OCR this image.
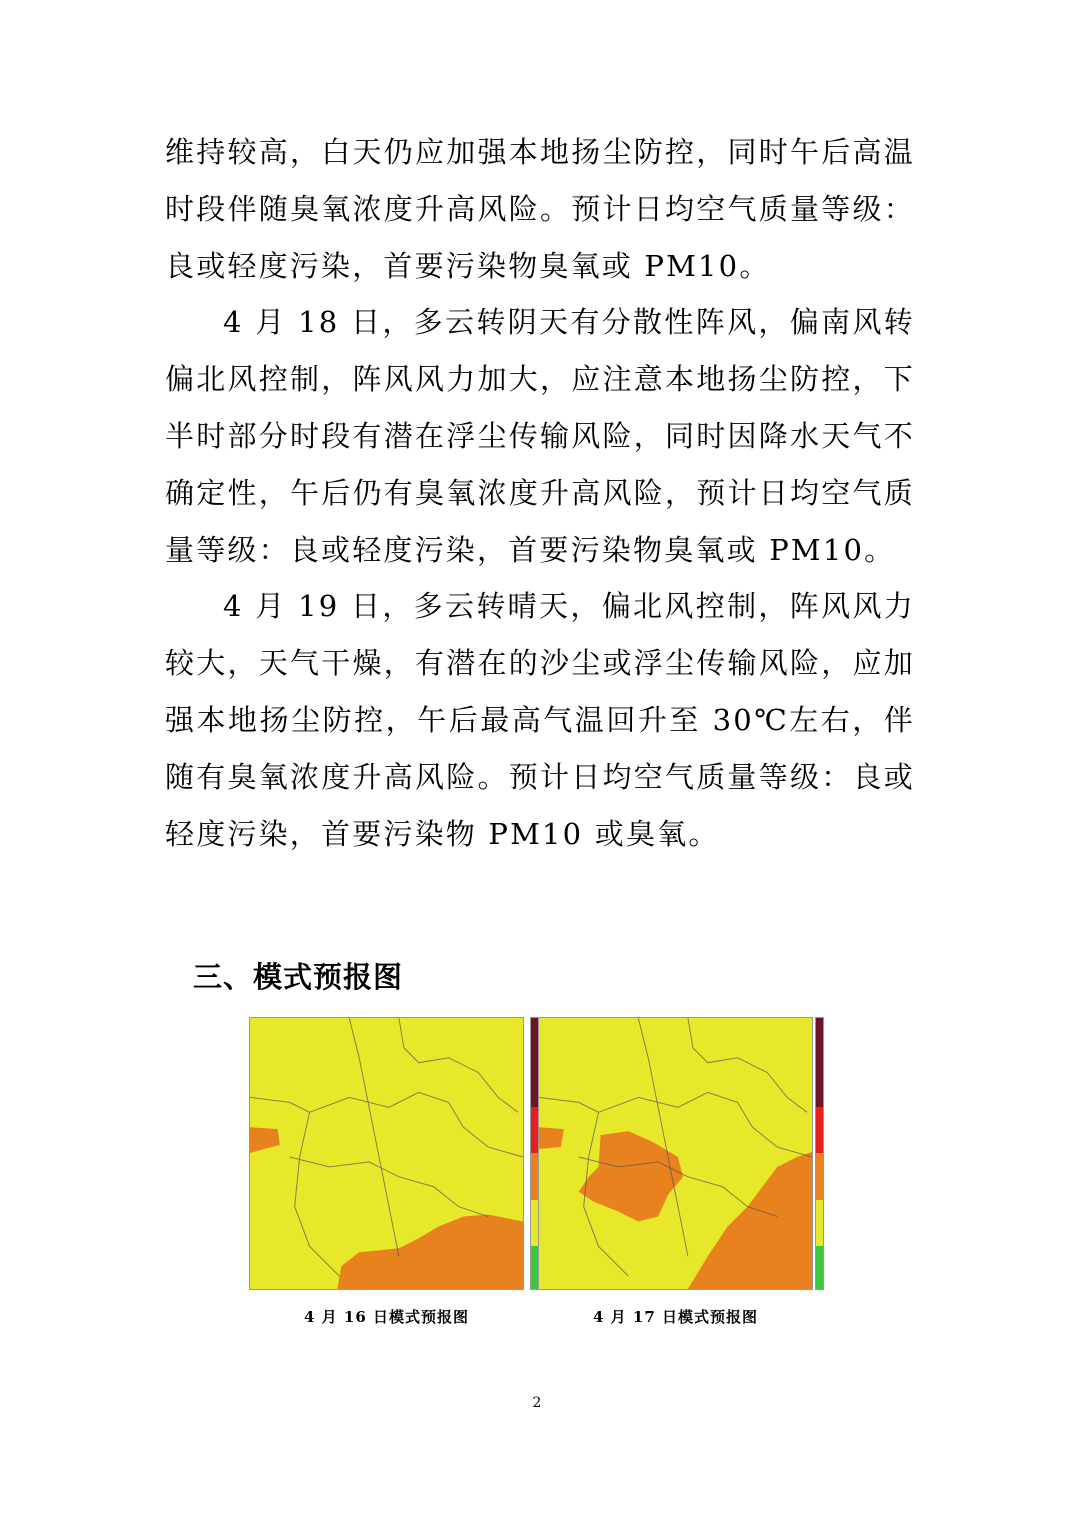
维持较高，白天仍应加强本地扬尘防控，同时午后高温时段伴随臭氧浓度升高风险。预计日均空气质量等级：良或轻度污染，首要污染物臭氧或 PM10。

4 月 18 日，多云转阴天有分散性阵风，偏南风转偏北风控制，阵风风力加大，应注意本地扬尘防控，下半时部分时段有潜在浮尘传输风险，同时因降水天气不确定性，午后仍有臭氧浓度升高风险，预计日均空气质量等级：良或轻度污染，首要污染物臭氧或 PM10。

4 月 19 日，多云转晴天，偏北风控制，阵风风力较大，天气干燥，有潜在的沙尘或浮尘传输风险，应加强本地扬尘防控，午后最高气温回升至 30℃左右，伴随有臭氧浓度升高风险。预计日均空气质量等级：良或轻度污染，首要污染物 PM10 或臭氧。

三、模式预报图
4 月 16 日模式预报图	4 月 17 日模式预报图
2
